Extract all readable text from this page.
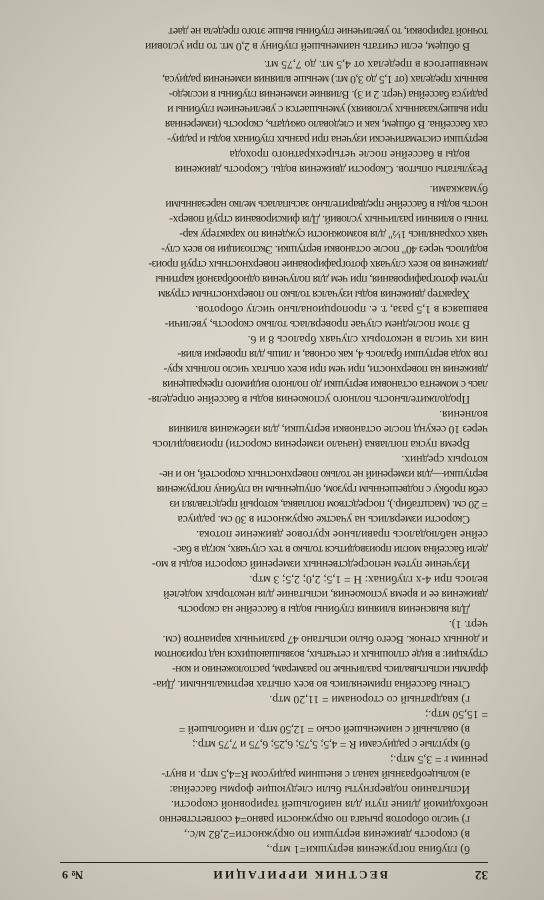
32
ВЕСТНИК ИРРИГАЦИИ
№ 9
б) глубина погружения вертушки=1 мтр.,
в) скорость движения вертушки по окружности=2,82 м/с.,
г) число оборотов рычага по окружности равно=4 соответственно
необходимой длине пути для наибольшей тарировной скорости.
Испытанию подвергнуты были следующие формы бассейна:
а) кольцеобразный канал с внешним радиусом R=4,5 мтр. и внут-
ренним r = 3,5 мтр.;
б) круглые с радиусами R = 4,5; 5,75; 6,25; 6,75 и 7,75 мтр.;
в) овальный с наименьшей осью = 12,50 мтр. и наибольшей =
= 15,50 мтр.;
г) квадратный со сторонами = 11,20 мтр.
Стены бассейна применялись во всех опытах вертикальными. Диа-
фрагмы испытывались различные по размерам, расположению и кон-
струкции: в виде сплошных и сетчатых, возвышающихся над горизонтом
и донных стенок. Всего было испытано 47 различных вариантов (см.
черт. 1).
Для выяснения влияния глубины воды в бассейне на скорость
движения ее и время успокоения, испытание для некоторых моделей
велось при 4-х глубинах: H = 1,5; 2,0; 2,5; 3 мтр.
Изучение путем непосредственных измерений скорости воды в мо-
дели бассейна могли производиться только в тех случаях, когда в бас-
сейне наблюдалось правильное круговое движение потока.
Скорости измерялись на участке окружности в 30 см. радиуса
= 20 см. (масштабир.), посредством поплавка, который представлял из
себя пробку с подвешенным грузом, опущенным на глубину погружения
вертушки—для измерений не только поверхностных скоростей, но и не-
которых средних.
Время пуска поплавка (начало измерения скорости) производилось
через 10 секунд после остановки вертушки, для избежания влияния
волнения.
Продолжительность полного успокоения воды в бассейне определя-
лась с момента остановки вертушки до полного видимого прекращения
движения на поверхности, при чем при всех опытах число полных кру-
гов хода вертушки бралось 4, как основа, и лишь для проверки влия-
ния их числа в некоторых случаях бралось 8 и 6.
В этом последнем случае проверялась только скорость, увеличи-
вавшаяся в 1,5 раза, т. е. пропорционально числу оборотов.
Характер движения воды изучался только по поверхностным струям
путем фотографирования, при чем для получения однообразной картины
движения во всех случаях фотографирование поверхностных струй произ-
водилось через 40" после остановки вертушки. Экспозиции во всех слу-
чаях сохранялись 1½" для возможности суждения по характеру кар-
тины о влиянии различных условий. Для фиксирования струй поверх-
ность воды в бассейне предварительно засыпалась мелко нарезанными
бумажками.
Результаты опытов. Скорости движения воды. Скорость движения
воды в бассейне после четырехкратного прохода
вертушки систематически изучена при разных глубинах воды и радиу-
сах бассейна. В общем, как и следовало ожидать, скорость (измеренная
при вышеуказанных условиях) уменьшается с увеличением глубины и
радиуса бассейна (черт. 2 и 3). Влияние изменения глубины в исследо-
ванных пределах (от 1,5 до 3,0 мт.) меньше влияния изменения радиуса,
менявшегося в пределах от 4,5 мт. до 7,75 мт.
В общем, если считать наименьшей глубину в 2,0 мт. то при условии
точной тарировки, то увеличение глубины выше этого предела не дает
